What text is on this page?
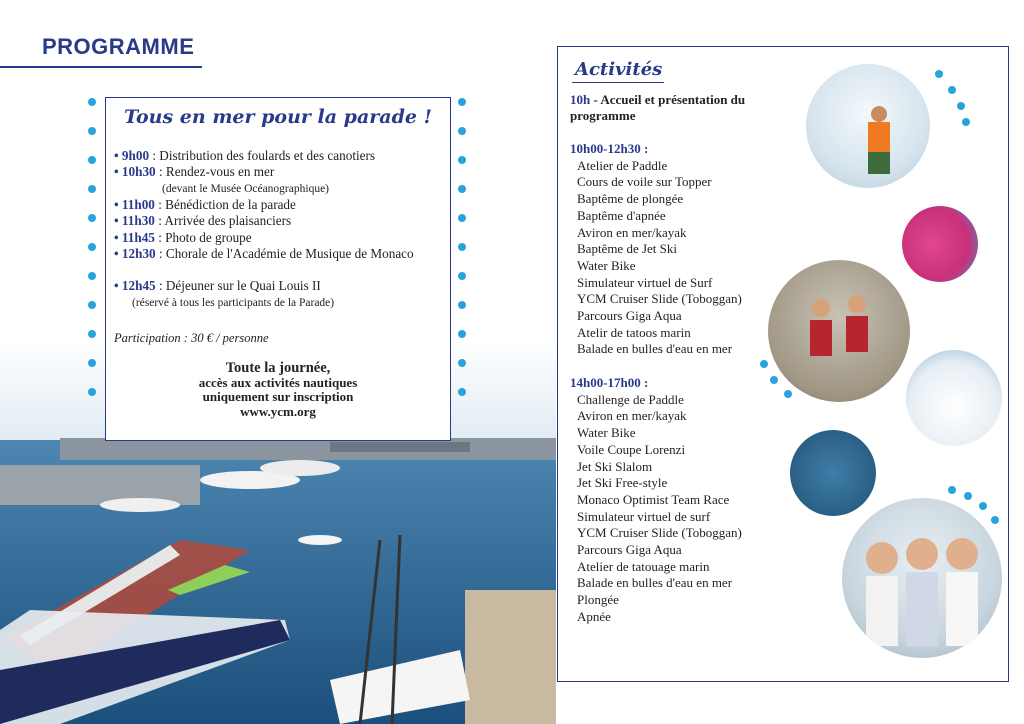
PROGRAMME
Tous en mer pour la parade !
• 9h00 : Distribution des foulards et des canotiers
• 10h30 : Rendez-vous en mer
(devant le Musée Océanographique)
• 11h00 : Bénédiction de la parade
• 11h30 : Arrivée des plaisanciers
• 11h45 : Photo de groupe
• 12h30 : Chorale de l'Académie de Musique de Monaco
• 12h45 : Déjeuner sur le Quai Louis II
(réservé à tous les participants de la Parade)
Participation : 30 € / personne
Toute la journée,
accès aux activités nautiques
uniquement sur inscription
www.ycm.org
Activités
10h - Accueil et présentation du programme
10h00-12h30 :
Atelier de Paddle
Cours de voile sur Topper
Baptême de plongée
Baptême d'apnée
Aviron en mer/kayak
Baptême de Jet Ski
Water Bike
Simulateur virtuel de Surf
YCM Cruiser Slide (Toboggan)
Parcours Giga Aqua
Atelir de tatoos marin
Balade en bulles d'eau en mer
14h00-17h00 :
Challenge de Paddle
Aviron en mer/kayak
Water Bike
Voile Coupe Lorenzi
Jet Ski Slalom
Jet Ski Free-style
Monaco Optimist Team Race
Simulateur virtuel de surf
YCM Cruiser Slide (Toboggan)
Parcours Giga Aqua
Atelier de tatouage marin
Balade en bulles d'eau en mer
Plongée
Apnée
